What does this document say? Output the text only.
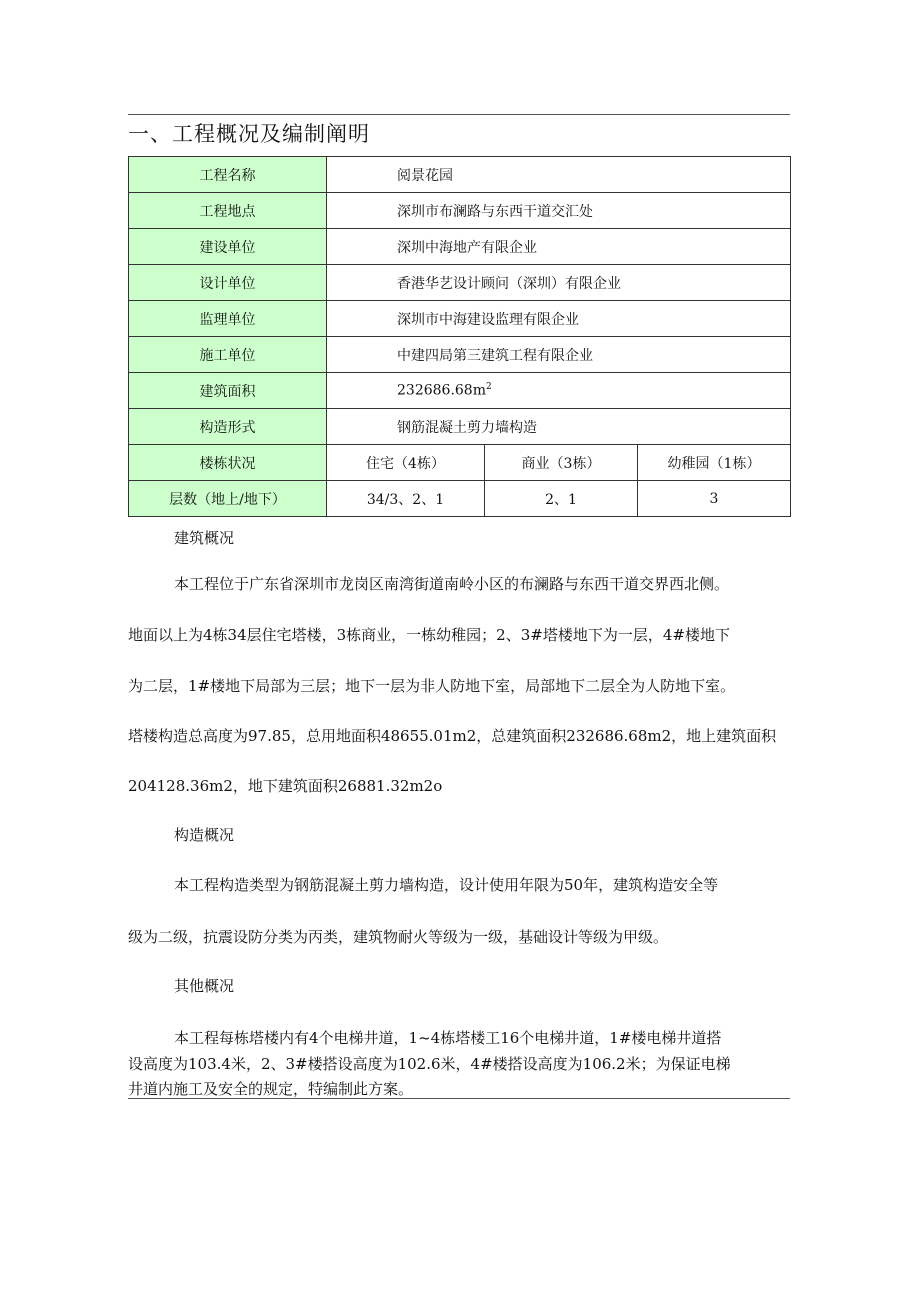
一、工程概况及编制阐明
工程名称	阅景花园		
工程地点	深圳市布澜路与东西干道交汇处		
建设单位	深圳中海地产有限企业		
设计单位	香港华艺设计顾问（深圳）有限企业		
监理单位	深圳市中海建设监理有限企业		
施工单位	中建四局第三建筑工程有限企业		
建筑面积	$232686.68m^2$
构造形式	钢筋混凝土剪力墙构造		
楼栋状况	住宅（4栋）	商业（3栋）	幼稚园（1栋）
层数（地上/地下）	34/3、2、1	2、1	3
建筑概况
本工程位于广东省深圳市龙岗区南湾街道南岭小区的布澜路与东西干道交界西北侧。
地面以上为4栋34层住宅塔楼，3栋商业，一栋幼稚园；2、3#塔楼地下为一层，4#楼地下
为二层，1#楼地下局部为三层；地下一层为非人防地下室，局部地下二层全为人防地下室。
塔楼构造总高度为97.85，总用地面积48655.01m2，总建筑面积232686.68m2，地上建筑面积
204128.36m2，地下建筑面积26881.32m2o
构造概况
本工程构造类型为钢筋混凝土剪力墙构造，设计使用年限为50年，建筑构造安全等
级为二级，抗震设防分类为丙类，建筑物耐火等级为一级，基础设计等级为甲级。
其他概况
本工程每栋塔楼内有4个电梯井道，1~4栋塔楼工16个电梯井道，1#楼电梯井道搭
设高度为103.4米，2、3#楼搭设高度为102.6米，4#楼搭设高度为106.2米；为保证电梯
井道内施工及安全的规定，特编制此方案。
